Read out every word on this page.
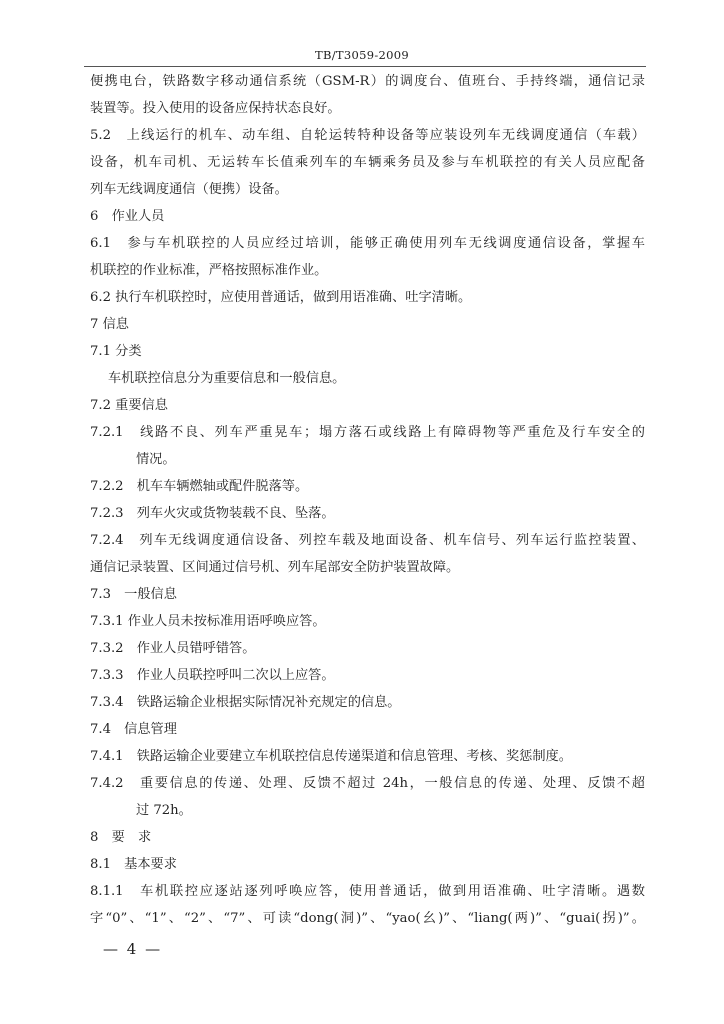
TB/T3059-2009
便携电台，铁路数字移动通信系统（GSM-R）的调度台、值班台、手持终端，通信记录
装置等。投入使用的设备应保持状态良好。
5.2　上线运行的机车、动车组、自轮运转特种设备等应装设列车无线调度通信（车载）
设备，机车司机、无运转车长值乘列车的车辆乘务员及参与车机联控的有关人员应配备
列车无线调度通信（便携）设备。
6　作业人员
6.1　参与车机联控的人员应经过培训，能够正确使用列车无线调度通信设备，掌握车
机联控的作业标准，严格按照标准作业。
6.2 执行车机联控时，应使用普通话，做到用语准确、吐字清晰。
7 信息
7.1 分类
车机联控信息分为重要信息和一般信息。
7.2 重要信息
7.2.1　线路不良、列车严重晃车；塌方落石或线路上有障碍物等严重危及行车安全的
情况。
7.2.2　机车车辆燃轴或配件脱落等。
7.2.3　列车火灾或货物装载不良、坠落。
7.2.4　列车无线调度通信设备、列控车载及地面设备、机车信号、列车运行监控装置、
通信记录装置、区间通过信号机、列车尾部安全防护装置故障。
7.3　一般信息
7.3.1 作业人员未按标准用语呼唤应答。
7.3.2　作业人员错呼错答。
7.3.3　作业人员联控呼叫二次以上应答。
7.3.4　铁路运输企业根据实际情况补充规定的信息。
7.4　信息管理
7.4.1　铁路运输企业要建立车机联控信息传递渠道和信息管理、考核、奖惩制度。
7.4.2　重要信息的传递、处理、反馈不超过 24h，一般信息的传递、处理、反馈不超
过 72h。
8　要　求
8.1　基本要求
8.1.1　车机联控应逐站逐列呼唤应答，使用普通话，做到用语准确、吐字清晰。遇数
字“0”、“1”、“2”、“7”、可读“dong(洞)”、“yao(幺)”、“liang(两)”、“guai(拐)”。
— 4 —
